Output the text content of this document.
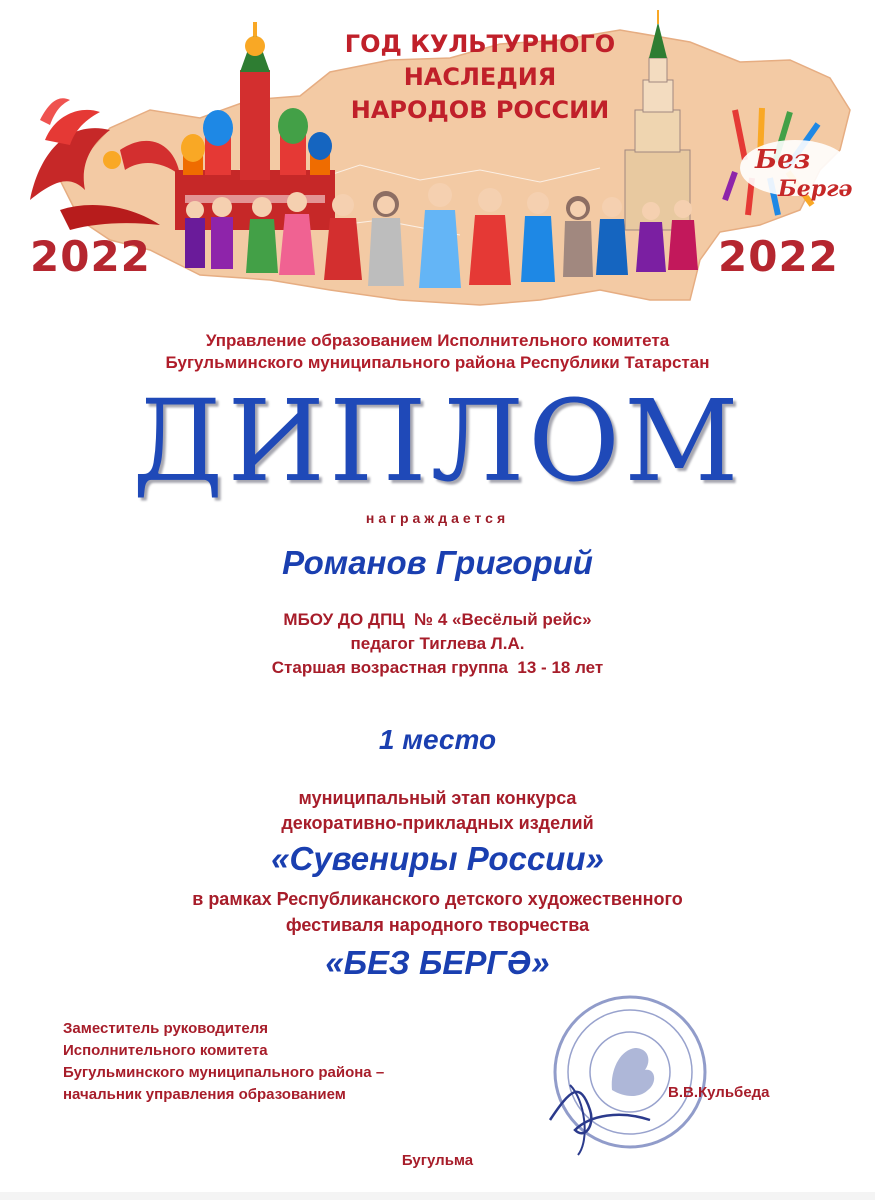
Без
Бергә
ГОД КУЛЬТУРНОГО
НАСЛЕДИЯ
НАРОДОВ РОССИИ
2022	2022
Управление образованием Исполнительного комитета
Бугульминского муниципального района Республики Татарстан
ДИПЛОМ
награждается
Романов Григорий
МБОУ ДО ДПЦ  № 4 «Весёлый рейс»
педагог Тиглева Л.А.
Старшая возрастная группа  13 - 18 лет
1 место
муниципальный этап конкурса
декоративно-прикладных изделий
«Сувениры России»
в рамках Республиканского детского художественного
фестиваля народного творчества
«БЕЗ БЕРГӘ»
Заместитель руководителя
Исполнительного комитета
Бугульминского муниципального района –
начальник управления образованием	В.В.Кульбеда
Бугульма
